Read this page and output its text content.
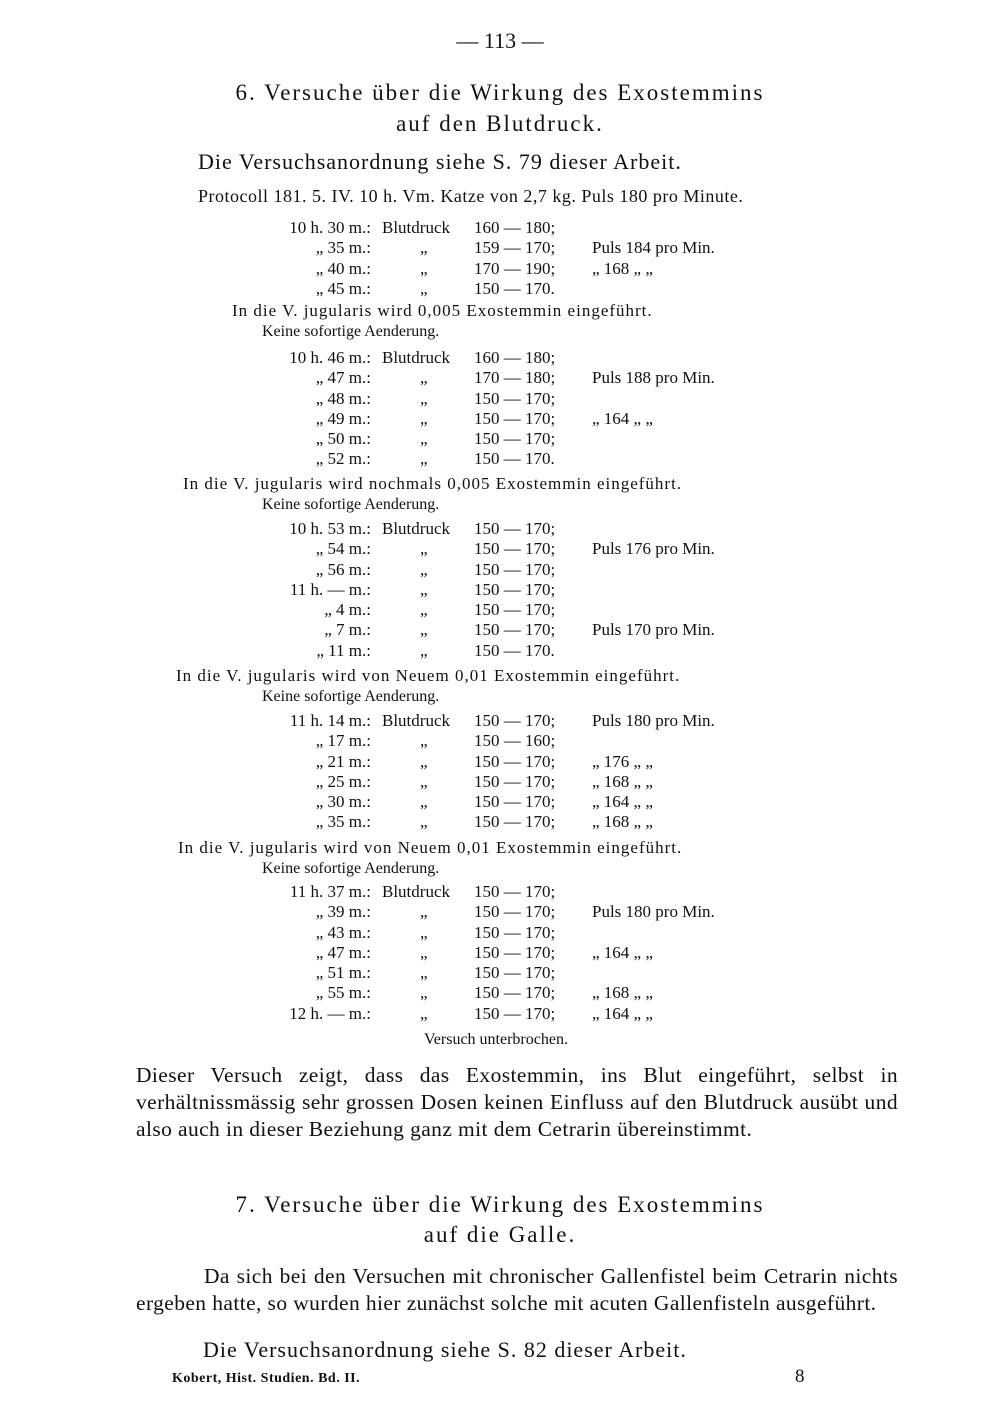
— 113 —
6. Versuche über die Wirkung des Exostemmins
auf den Blutdruck.
Die Versuchsanordnung siehe S. 79 dieser Arbeit.
Protocoll 181. 5. IV. 10 h. Vm. Katze von 2,7 kg. Puls 180 pro Minute.
10 h. 30 m.: Blutdruck 160 — 180;
„ 35 m.:	„	159 — 170; Puls 184 pro Min.
„ 40 m.:	„	170 — 190; „ 168 „ „
„ 45 m.:	„	150 — 170.
In die V. jugularis wird 0,005 Exostemmin eingeführt.
Keine sofortige Aenderung.
10 h. 46 m.: Blutdruck 160 — 180;
„ 47 m.:	„	170 — 180; Puls 188 pro Min.
„ 48 m.:	„	150 — 170;
„ 49 m.:	„	150 — 170; „ 164 „ „
„ 50 m.:	„	150 — 170;
„ 52 m.:	„	150 — 170.
In die V. jugularis wird nochmals 0,005 Exostemmin eingeführt.
Keine sofortige Aenderung.
10 h. 53 m.: Blutdruck 150 — 170;
„ 54 m.:	„	150 — 170; Puls 176 pro Min.
„ 56 m.:	„	150 — 170;
11 h. — m.:	„	150 — 170;
„ 4 m.:	„	150 — 170;
„ 7 m.:	„	150 — 170; Puls 170 pro Min.
„ 11 m.:	„	150 — 170.
In die V. jugularis wird von Neuem 0,01 Exostemmin eingeführt.
Keine sofortige Aenderung.
11 h. 14 m.: Blutdruck 150 — 170; Puls 180 pro Min.
„ 17 m.:	„	150 — 160;
„ 21 m.:	„	150 — 170; „ 176 „ „
„ 25 m.:	„	150 — 170; „ 168 „ „
„ 30 m.:	„	150 — 170; „ 164 „ „
„ 35 m.:	„	150 — 170; „ 168 „ „
In die V. jugularis wird von Neuem 0,01 Exostemmin eingeführt.
Keine sofortige Aenderung.
11 h. 37 m.: Blutdruck 150 — 170;
„ 39 m.:	„	150 — 170; Puls 180 pro Min.
„ 43 m.:	„	150 — 170;
„ 47 m.:	„	150 — 170; „ 164 „ „
„ 51 m.:	„	150 — 170;
„ 55 m.:	„	150 — 170; „ 168 „ „
12 h. — m.:	„	150 — 170; „ 164 „ „
Versuch unterbrochen.
Dieser Versuch zeigt, dass das Exostemmin, ins Blut eingeführt, selbst in verhältnissmässig sehr grossen Dosen keinen Einfluss auf den Blutdruck ausübt und also auch in dieser Beziehung ganz mit dem Cetrarin übereinstimmt.
7. Versuche über die Wirkung des Exostemmins
auf die Galle.
Da sich bei den Versuchen mit chronischer Gallenfistel beim Cetrarin nichts ergeben hatte, so wurden hier zunächst solche mit acuten Gallenfisteln ausgeführt.
Die Versuchsanordnung siehe S. 82 dieser Arbeit.
Kobert, Hist. Studien. Bd. II.	8
